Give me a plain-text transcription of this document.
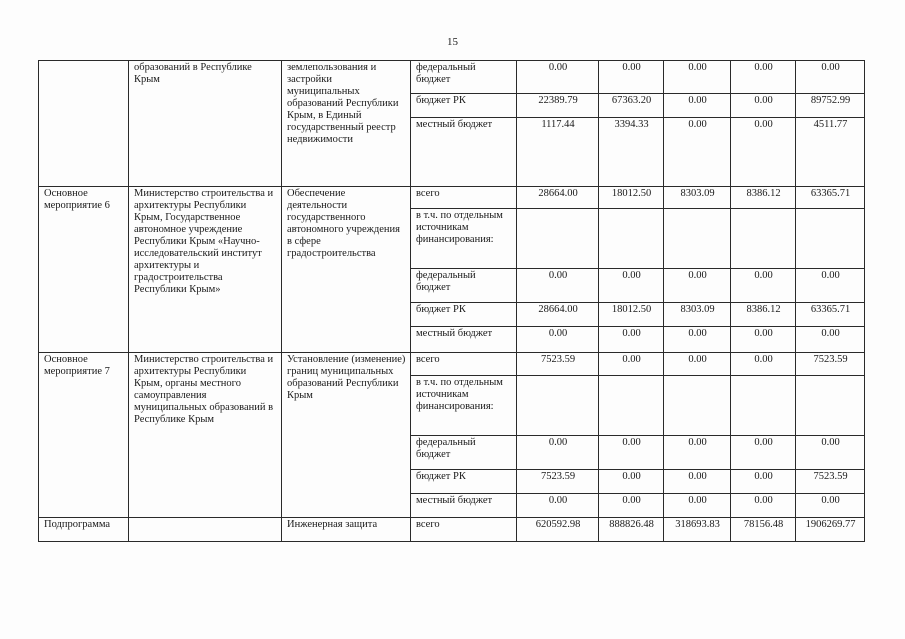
15
	образований в Республике Крым	землепользования и застройки муниципальных образований Республики Крым, в Единый государственный реестр недвижимости	федеральный бюджет	0.00	0.00	0.00	0.00	0.00
			бюджет РК	22389.79	67363.20	0.00	0.00	89752.99
			местный бюджет	1117.44	3394.33	0.00	0.00	4511.77
Основное мероприятие 6	Министерство строительства и архитектуры Республики Крым, Государственное автономное учреждение Республики Крым «Научно-исследовательский институт архитектуры и градостроительства Республики Крым»	Обеспечение деятельности государственного автономного учреждения в сфере градостроительства	всего	28664.00	18012.50	8303.09	8386.12	63365.71
			в т.ч. по отдельным источникам финансирования:					
			федеральный бюджет	0.00	0.00	0.00	0.00	0.00
			бюджет РК	28664.00	18012.50	8303.09	8386.12	63365.71
			местный бюджет	0.00	0.00	0.00	0.00	0.00
Основное мероприятие 7	Министерство строительства и архитектуры Республики Крым, органы местного самоуправления муниципальных образований в Республике Крым	Установление (изменение) границ муниципальных образований Республики Крым	всего	7523.59	0.00	0.00	0.00	7523.59
			в т.ч. по отдельным источникам финансирования:					
			федеральный бюджет	0.00	0.00	0.00	0.00	0.00
			бюджет РК	7523.59	0.00	0.00	0.00	7523.59
			местный бюджет	0.00	0.00	0.00	0.00	0.00
Подпрограмма		Инженерная защита	всего	620592.98	888826.48	318693.83	78156.48	1906269.77
